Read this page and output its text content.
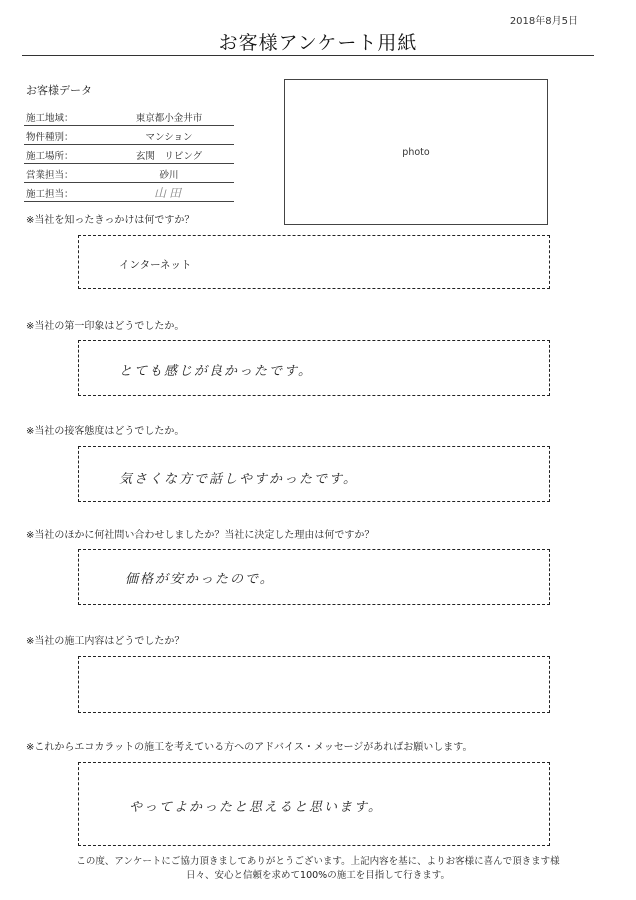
2018年8月5日
お客様アンケート用紙
お客様データ
施工地域：	東京都小金井市
物件種別：	マンション
施工場所：	玄関　リビング
営業担当：	砂川
施工担当：	山田
photo
※当社を知ったきっかけは何ですか？
インターネット
※当社の第一印象はどうでしたか。
とても感じが良かったです。
※当社の接客態度はどうでしたか。
気さくな方で話しやすかったです。
※当社のほかに何社問い合わせしましたか？当社に決定した理由は何ですか？
価格が安かったので。
※当社の施工内容はどうでしたか？
※これからエコカラットの施工を考えている方へのアドバイス・メッセージがあればお願いします。
やってよかったと思えると思います。
この度、アンケートにご協力頂きましてありがとうございます。上記内容を基に、よりお客様に喜んで頂きます様
日々、安心と信頼を求めて100%の施工を目指して行きます。
